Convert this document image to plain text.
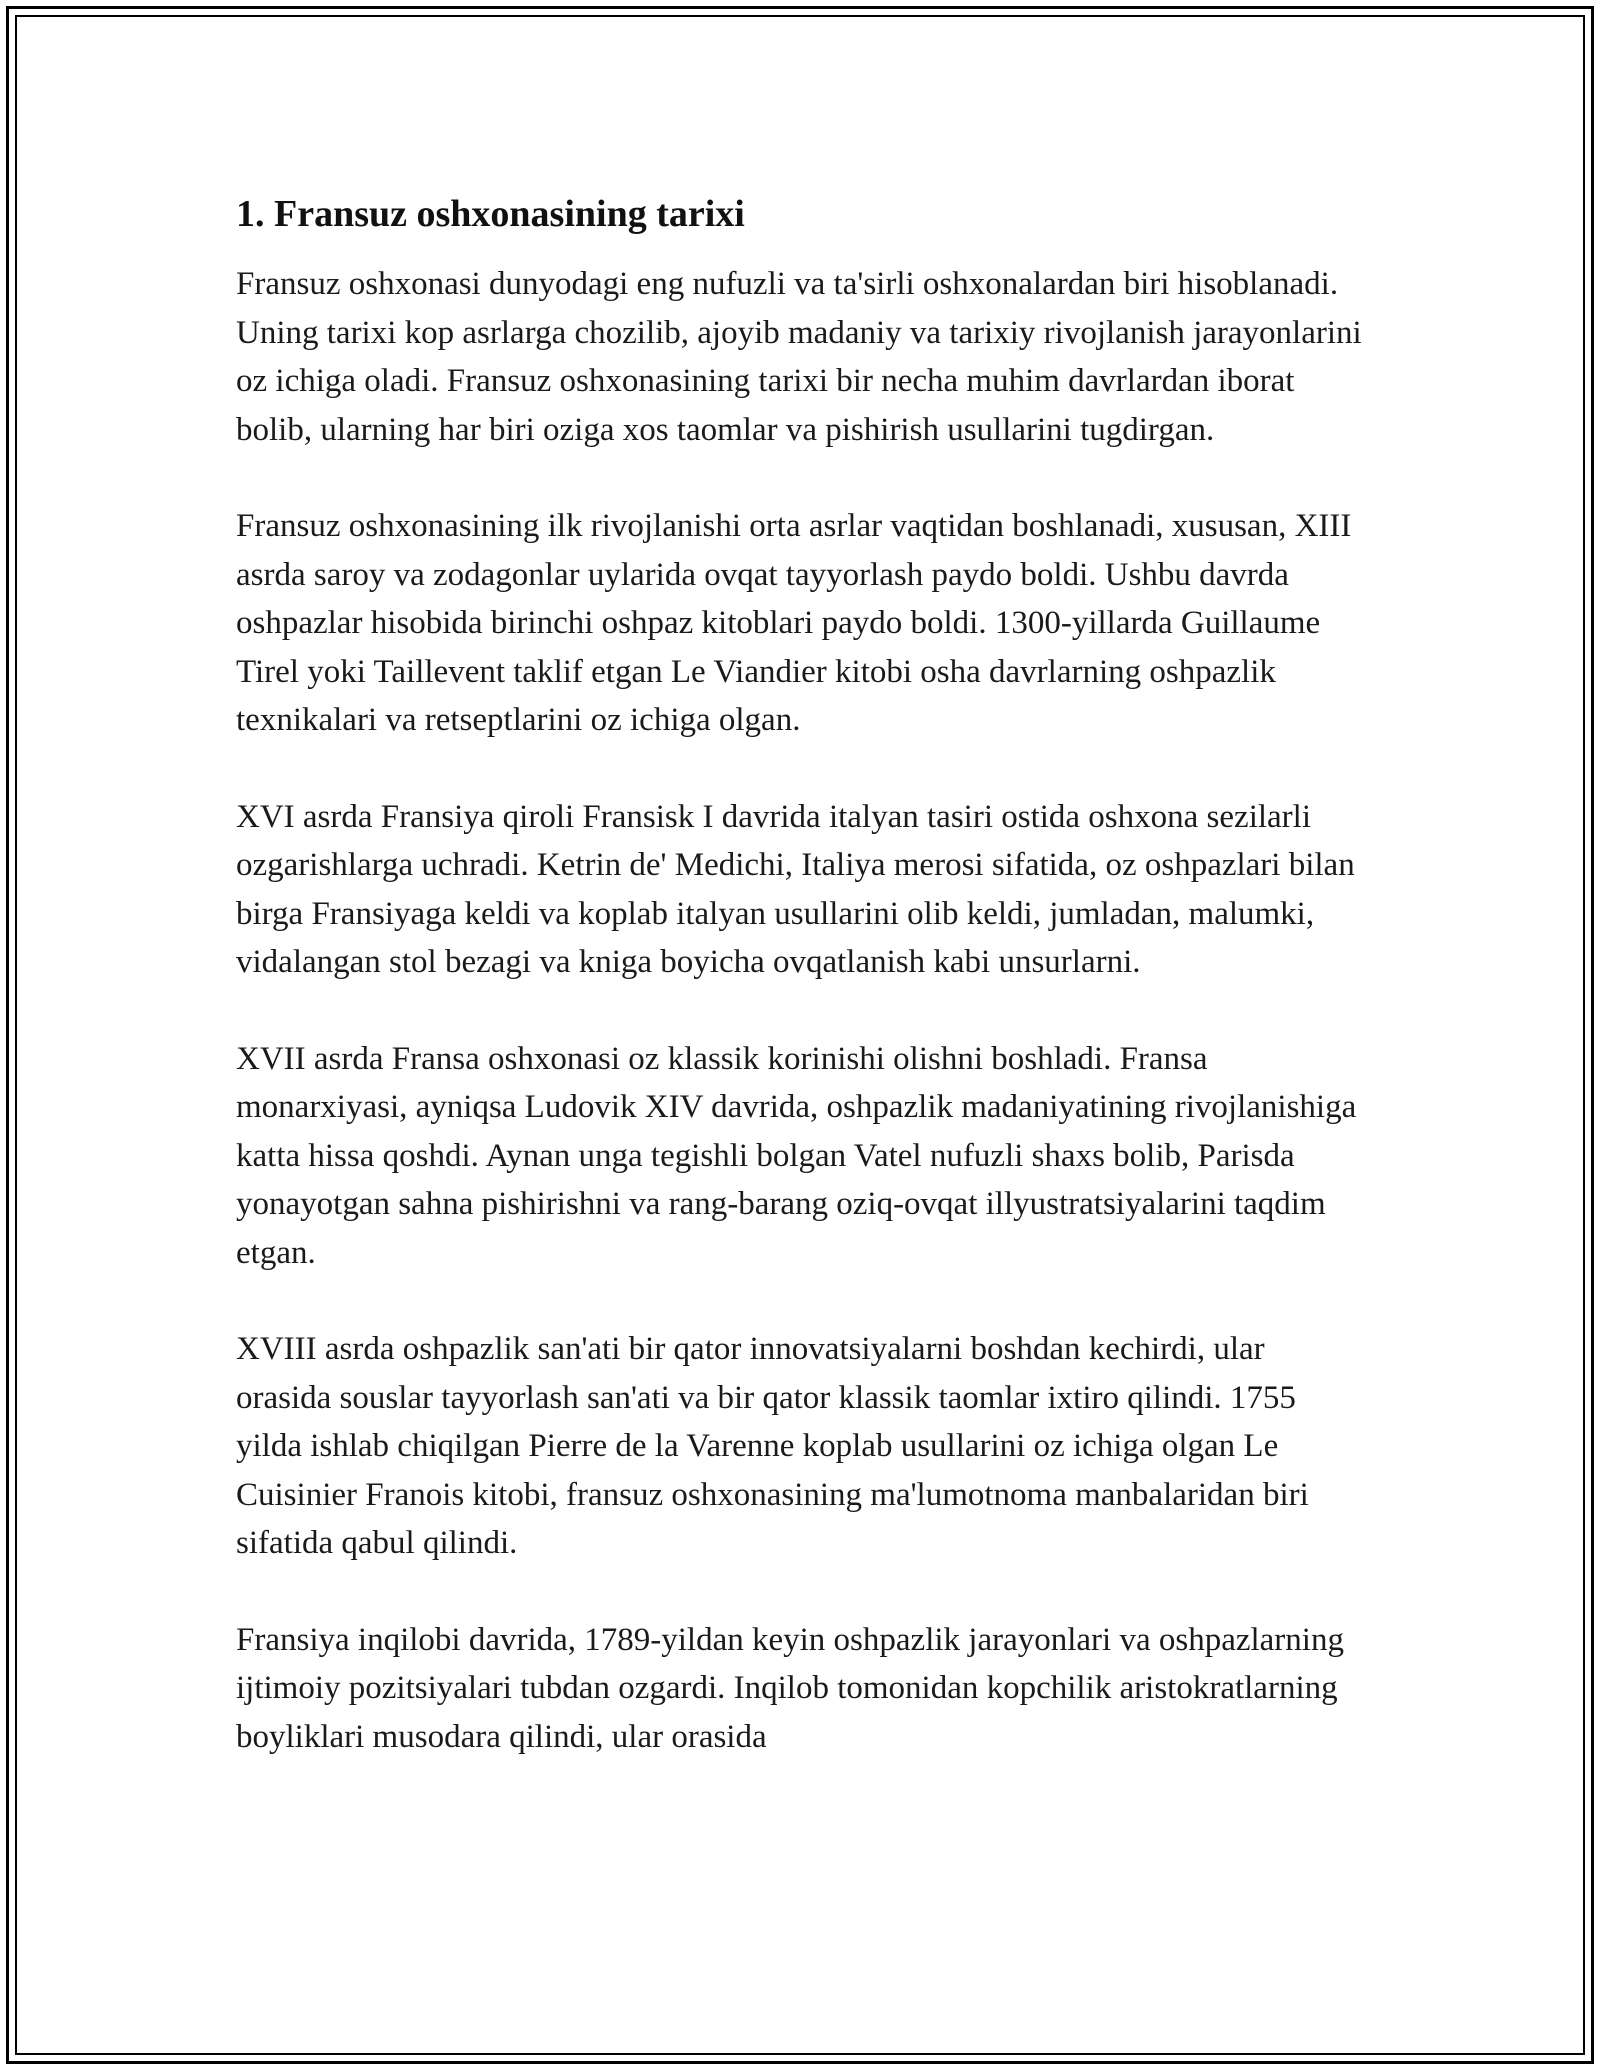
1. Fransuz oshxonasining tarixi

Fransuz oshxonasi dunyodagi eng nufuzli va ta'sirli oshxonalardan biri hisoblanadi. Uning tarixi kop asrlarga chozilib, ajoyib madaniy va tarixiy rivojlanish jarayonlarini oz ichiga oladi. Fransuz oshxonasining tarixi bir necha muhim davrlardan iborat bolib, ularning har biri oziga xos taomlar va pishirish usullarini tugdirgan.

Fransuz oshxonasining ilk rivojlanishi orta asrlar vaqtidan boshlanadi, xususan, XIII asrda saroy va zodagonlar uylarida ovqat tayyorlash paydo boldi. Ushbu davrda oshpazlar hisobida birinchi oshpaz kitoblari paydo boldi. 1300-yillarda Guillaume Tirel yoki Taillevent taklif etgan Le Viandier kitobi osha davrlarning oshpazlik texnikalari va retseptlarini oz ichiga olgan.

XVI asrda Fransiya qiroli Fransisk I davrida italyan tasiri ostida oshxona sezilarli ozgarishlarga uchradi. Ketrin de' Medichi, Italiya merosi sifatida, oz oshpazlari bilan birga Fransiyaga keldi va koplab italyan usullarini olib keldi, jumladan, malumki, vidalangan stol bezagi va kniga boyicha ovqatlanish kabi unsurlarni.

XVII asrda Fransa oshxonasi oz klassik korinishi olishni boshladi. Fransa monarxiyasi, ayniqsa Ludovik XIV davrida, oshpazlik madaniyatining rivojlanishiga katta hissa qoshdi. Aynan unga tegishli bolgan Vatel nufuzli shaxs bolib, Parisda yonayotgan sahna pishirishni va rang-barang oziq-ovqat illyustratsiyalarini taqdim etgan.

XVIII asrda oshpazlik san'ati bir qator innovatsiyalarni boshdan kechirdi, ular orasida souslar tayyorlash san'ati va bir qator klassik taomlar ixtiro qilindi. 1755 yilda ishlab chiqilgan Pierre de la Varenne koplab usullarini oz ichiga olgan Le Cuisinier Franois kitobi, fransuz oshxonasining ma'lumotnoma manbalaridan biri sifatida qabul qilindi.

Fransiya inqilobi davrida, 1789-yildan keyin oshpazlik jarayonlari va oshpazlarning ijtimoiy pozitsiyalari tubdan ozgardi. Inqilob tomonidan kopchilik aristokratlarning boyliklari musodara qilindi, ular orasida
